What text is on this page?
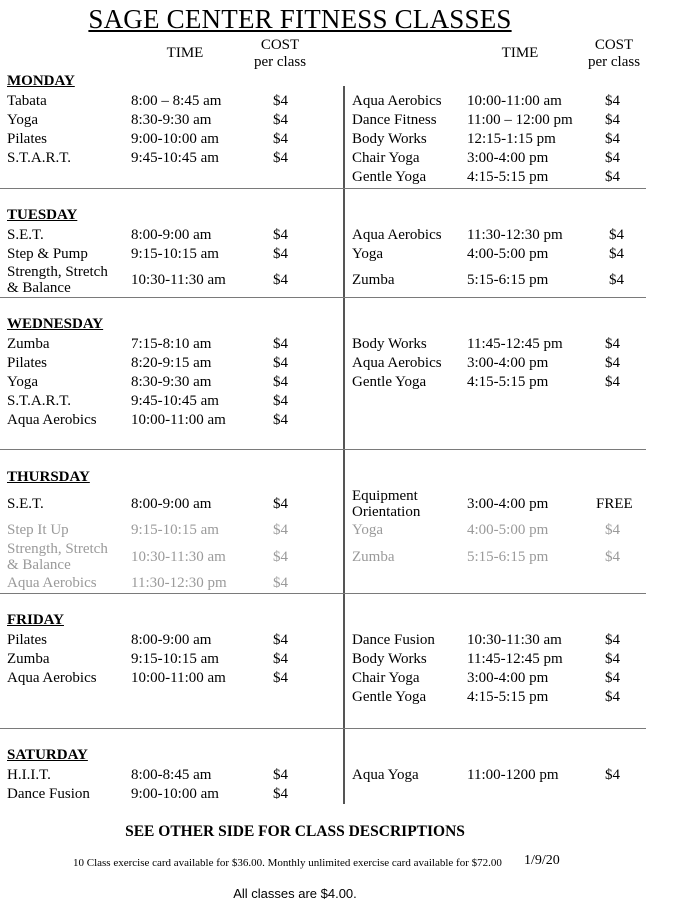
SAGE CENTER FITNESS CLASSES
TIME	COST
per class
TIME	COST
per class
MONDAY
Tabata	8:00 – 8:45 am	$4
Yoga	8:30-9:30 am	$4
Pilates	9:00-10:00 am	$4
S.T.A.R.T.	9:45-10:45 am	$4
Aqua Aerobics 10:00-11:00 am	$4
Dance Fitness 11:00 – 12:00 pm $4
Body Works	12:15-1:15 pm	$4
Chair Yoga	3:00-4:00 pm	$4
Gentle Yoga	4:15-5:15 pm	$4
TUESDAY
S.E.T.	8:00-9:00 am	$4
Step & Pump	9:15-10:15 am	$4
Strength, Stretch
& Balance	10:30-11:30 am	$4
Aqua Aerobics 11:30-12:30 pm	$4
Yoga	4:00-5:00 pm	$4
Zumba	5:15-6:15 pm	$4
WEDNESDAY
Zumba	7:15-8:10 am	$4
Pilates	8:20-9:15 am	$4
Yoga	8:30-9:30 am	$4
S.T.A.R.T.	9:45-10:45 am	$4
Aqua Aerobics 10:00-11:00 am	$4
Body Works	11:45-12:45 pm	$4
Aqua Aerobics 3:00-4:00 pm	$4
Gentle Yoga	4:15-5:15 pm	$4
THURSDAY
S.E.T.	8:00-9:00 am	$4
Step It Up	9:15-10:15 am	$4
Strength, Stretch
& Balance	10:30-11:30 am	$4
Aqua Aerobics 11:30-12:30 pm	$4
Equipment
Orientation	3:00-4:00 pm	FREE
Yoga	4:00-5:00 pm	$4
Zumba	5:15-6:15 pm	$4
FRIDAY
Pilates	8:00-9:00 am	$4
Zumba	9:15-10:15 am	$4
Aqua Aerobics 10:00-11:00 am	$4
Dance Fusion 10:30-11:30 am	$4
Body Works	11:45-12:45 pm	$4
Chair Yoga	3:00-4:00 pm	$4
Gentle Yoga	4:15-5:15 pm	$4
SATURDAY
H.I.I.T.	8:00-8:45 am	$4
Dance Fusion	9:00-10:00 am	$4
Aqua Yoga	11:00-1200 pm	$4
SEE OTHER SIDE FOR CLASS DESCRIPTIONS
10 Class exercise card available for $36.00. Monthly unlimited exercise card available for $72.00 1/9/20
All classes are $4.00.
